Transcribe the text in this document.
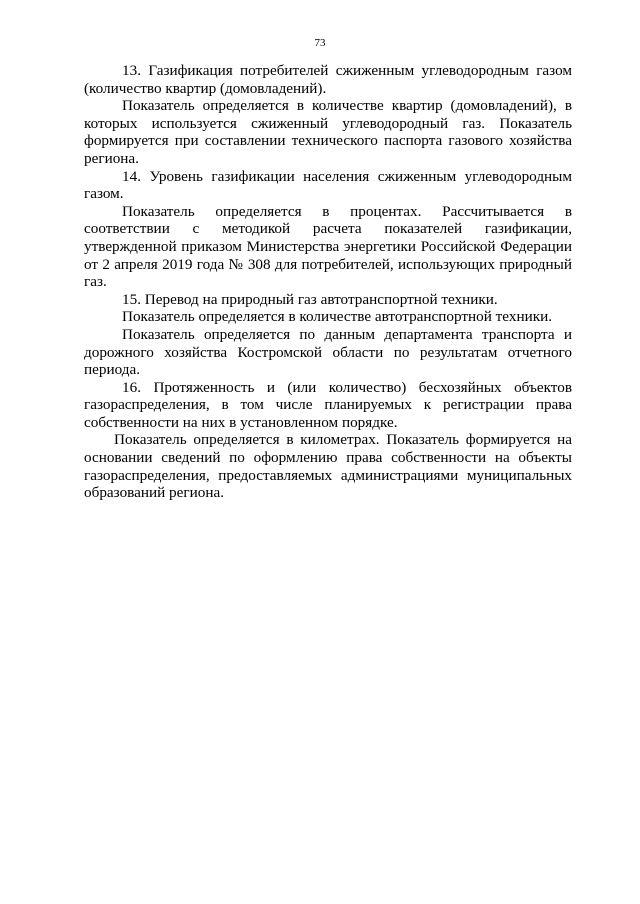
73

13. Газификация потребителей сжиженным углеводородным газом (количество квартир (домовладений).

Показатель определяется в количестве квартир (домовладений), в которых используется сжиженный углеводородный газ. Показатель формируется при составлении технического паспорта газового хозяйства региона.

14. Уровень газификации населения сжиженным углеводородным газом.

Показатель определяется в процентах. Рассчитывается в соответствии с методикой расчета показателей газификации, утвержденной приказом Министерства энергетики Российской Федерации от 2 апреля 2019 года № 308 для потребителей, использующих природный газ.

15. Перевод на природный газ автотранспортной техники.

Показатель определяется в количестве автотранспортной техники.

Показатель определяется по данным департамента транспорта и дорожного хозяйства Костромской области по результатам отчетного периода.

16. Протяженность и (или количество) бесхозяйных объектов газораспределения, в том числе планируемых к регистрации права собственности на них в установленном порядке.

Показатель определяется в километрах. Показатель формируется на основании сведений по оформлению права собственности на объекты газораспределения, предоставляемых администрациями муниципальных образований региона.
